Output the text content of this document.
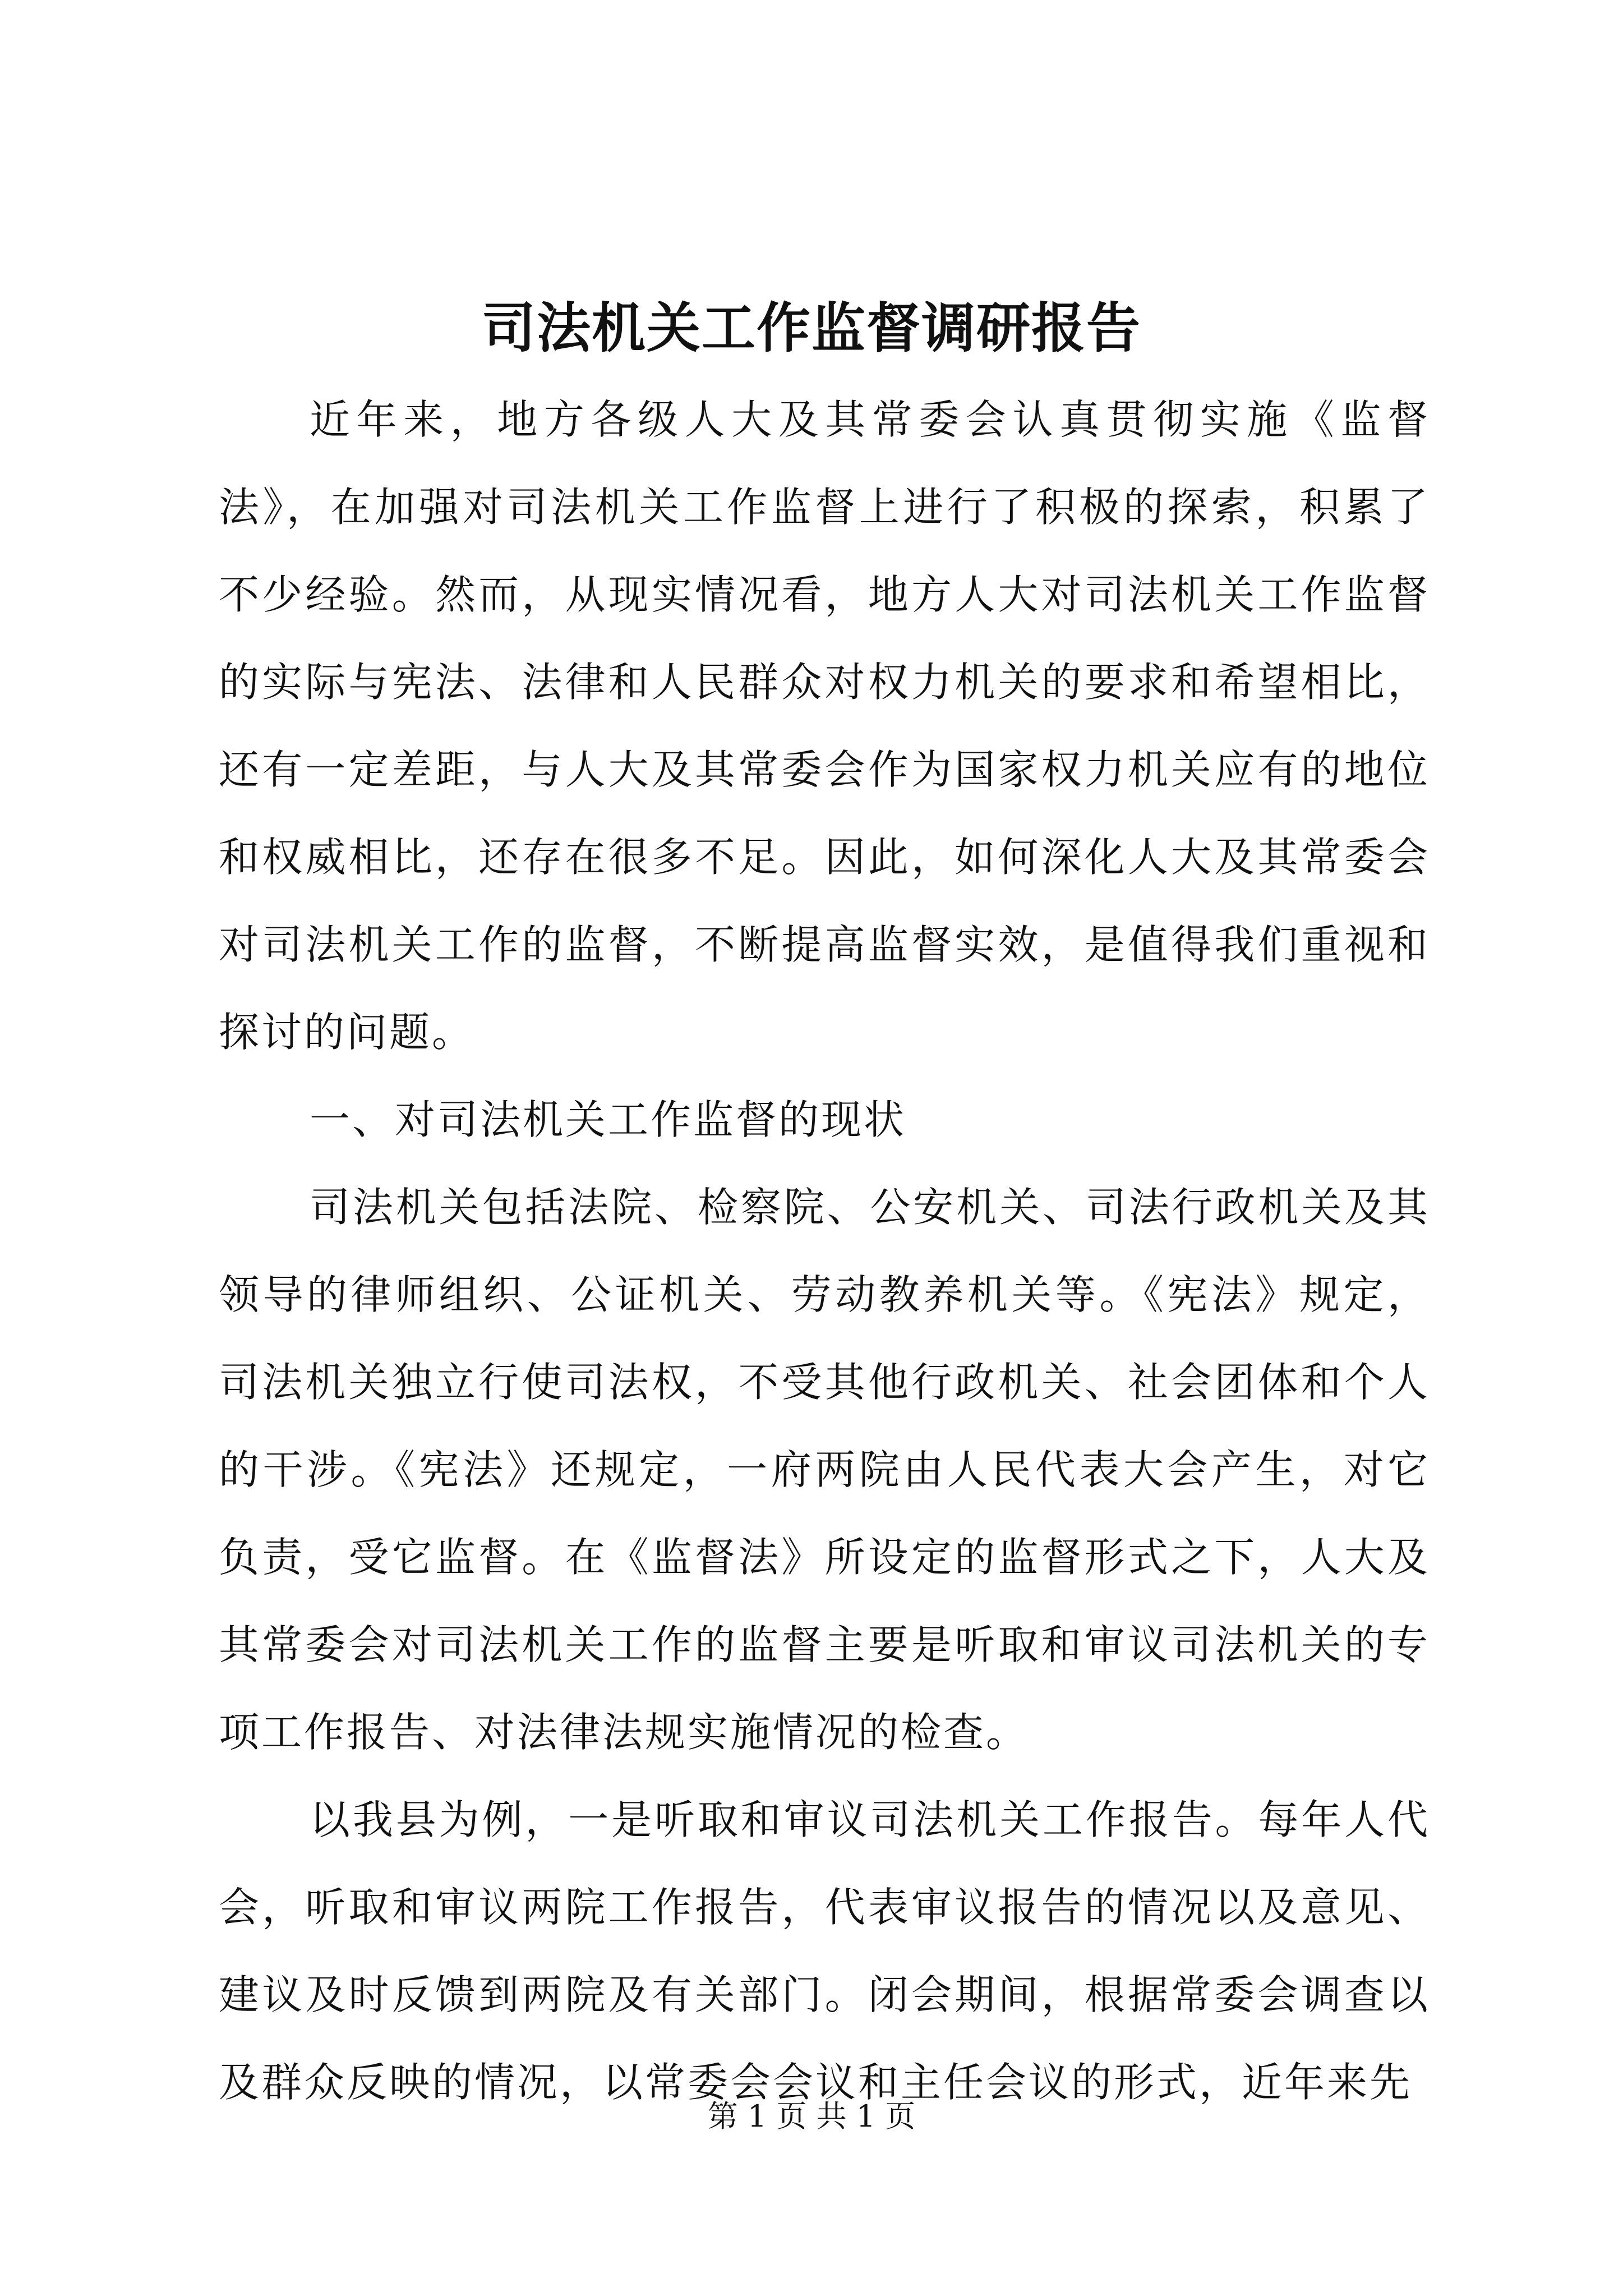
司法机关工作监督调研报告

近年来，地方各级人大及其常委会认真贯彻实施《监督法》，在加强对司法机关工作监督上进行了积极的探索，积累了不少经验。然而，从现实情况看，地方人大对司法机关工作监督的实际与宪法、法律和人民群众对权力机关的要求和希望相比，还有一定差距，与人大及其常委会作为国家权力机关应有的地位和权威相比，还存在很多不足。因此，如何深化人大及其常委会对司法机关工作的监督，不断提高监督实效，是值得我们重视和探讨的问题。

一、对司法机关工作监督的现状

司法机关包括法院、检察院、公安机关、司法行政机关及其领导的律师组织、公证机关、劳动教养机关等。《宪法》规定，司法机关独立行使司法权，不受其他行政机关、社会团体和个人的干涉。《宪法》还规定，一府两院由人民代表大会产生，对它负责，受它监督。在《监督法》所设定的监督形式之下，人大及其常委会对司法机关工作的监督主要是听取和审议司法机关的专项工作报告、对法律法规实施情况的检查。

以我县为例，一是听取和审议司法机关工作报告。每年人代会，听取和审议两院工作报告，代表审议报告的情况以及意见、建议及时反馈到两院及有关部门。闭会期间，根据常委会调查以及群众反映的情况，以常委会会议和主任会议的形式，近年来先

第 1 页 共 1 页
